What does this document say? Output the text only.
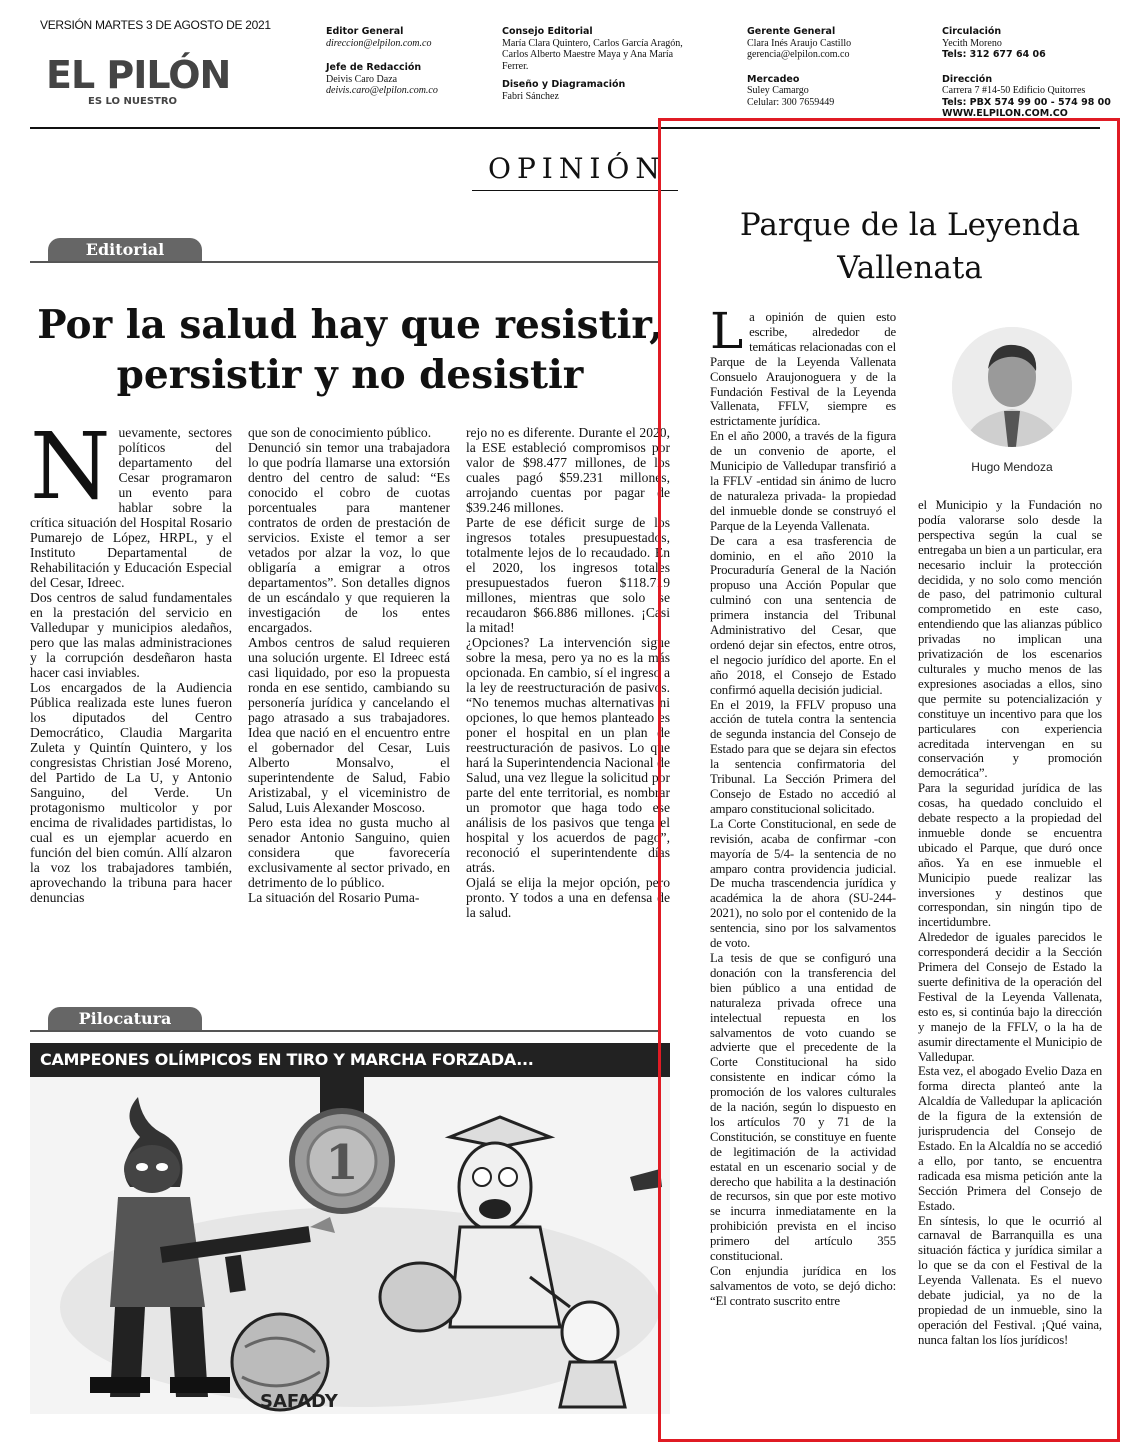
VERSIÓN MARTES 3 DE AGOSTO DE 2021
EL PILÓN
ES LO NUESTRO
Editor General
direccion@elpilon.com.co
Jefe de Redacción
Deivis Caro Daza
deivis.caro@elpilon.com.co
Consejo Editorial
María Clara Quintero, Carlos García Aragón,
Carlos Alberto Maestre Maya y Ana María
Ferrer.
Diseño y Diagramación
Fabri Sánchez
Gerente General
Clara Inés Araujo Castillo
gerencia@elpilon.com.co
Mercadeo
Suley Camargo
Celular: 300 7659449
Circulación
Yecith Moreno
Tels: 312 677 64 06
Dirección
Carrera 7 #14-50 Edificio Quitorres
Tels: PBX 574 99 00 - 574 98 00
WWW.ELPILON.COM.CO
OPINIÓN
Editorial
Por la salud hay que resistir,
persistir y no desistir
N uevamente, sectores políticos del departamento del Cesar programaron un evento para hablar sobre la crítica situación del Hospital Rosario Pumarejo de López, HRPL, y el Instituto Departamental de Rehabilitación y Educación Especial del Cesar, Idreec.

Dos centros de salud fundamentales en la prestación del servicio en Valledupar y municipios aledaños, pero que las malas administraciones y la corrupción desdeñaron hasta hacer casi inviables.

Los encargados de la Audiencia Pública realizada este lunes fueron los diputados del Centro Democrático, Claudia Margarita Zuleta y Quintín Quintero, y los congresistas Christian José Moreno, del Partido de La U, y Antonio Sanguino, del Verde. Un protagonismo multicolor y por encima de rivalidades partidistas, lo cual es un ejemplar acuerdo en función del bien común. Allí alzaron la voz los trabajadores también, aprovechando la tribuna para hacer denuncias

que son de conocimiento público.

Denunció sin temor una trabajadora lo que podría llamarse una extorsión dentro del centro de salud: “Es conocido el cobro de cuotas porcentuales para mantener contratos de orden de prestación de servicios. Existe el temor a ser vetados por alzar la voz, lo que obligaría a emigrar a otros departamentos”. Son detalles dignos de un escándalo y que requieren la investigación de los entes encargados.

Ambos centros de salud requieren una solución urgente. El Idreec está casi liquidado, por eso la propuesta ronda en ese sentido, cambiando su personería jurídica y cancelando el pago atrasado a sus trabajadores. Idea que nació en el encuentro entre el gobernador del Cesar, Luis Alberto Monsalvo, el superintendente de Salud, Fabio Aristizabal, y el viceministro de Salud, Luis Alexander Moscoso.

Pero esta idea no gusta mucho al senador Antonio Sanguino, quien considera que favorecería exclusivamente al sector privado, en detrimento de lo público.

La situación del Rosario Puma-

rejo no es diferente. Durante el 2020, la ESE estableció compromisos por valor de $98.477 millones, de los cuales pagó $59.231 millones, arrojando cuentas por pagar de $39.246 millones.

Parte de ese déficit surge de los ingresos totales presupuestados, totalmente lejos de lo recaudado. En el 2020, los ingresos totales presupuestados fueron $118.719 millones, mientras que solo se recaudaron $66.886 millones. ¡Casi la mitad!

¿Opciones? La intervención sigue sobre la mesa, pero ya no es la más opcionada. En cambio, sí el ingreso a la ley de reestructuración de pasivos. “No tenemos muchas alternativas ni opciones, lo que hemos planteado es poner el hospital en un plan de reestructuración de pasivos. Lo que hará la Superintendencia Nacional de Salud, una vez llegue la solicitud por parte del ente territorial, es nombrar un promotor que haga todo ese análisis de los pasivos que tenga el hospital y los acuerdos de pago”, reconoció el superintendente días atrás.

Ojalá se elija la mejor opción, pero pronto. Y todos a una en defensa de la salud.

Pilocatura
CAMPEONES OLÍMPICOS EN TIRO Y MARCHA FORZADA...
1
SAFADY
Parque de la Leyenda
Vallenata
Hugo Mendoza
L a opinión de quien esto escribe, alrededor de temáticas relacionadas con el Parque de la Leyenda Vallenata Consuelo Araujonoguera y de la Fundación Festival de la Leyenda Vallenata, FFLV, siempre es estrictamente jurídica.

En el año 2000, a través de la figura de un convenio de aporte, el Municipio de Valledupar transfirió a la FFLV -entidad sin ánimo de lucro de naturaleza privada- la propiedad del inmueble donde se construyó el Parque de la Leyenda Vallenata.

De cara a esa trasferencia de dominio, en el año 2010 la Procuraduría General de la Nación propuso una Acción Popular que culminó con una sentencia de primera instancia del Tribunal Administrativo del Cesar, que ordenó dejar sin efectos, entre otros, el negocio jurídico del aporte. En el año 2018, el Consejo de Estado confirmó aquella decisión judicial.

En el 2019, la FFLV propuso una acción de tutela contra la sentencia de segunda instancia del Consejo de Estado para que se dejara sin efectos la sentencia confirmatoria del Tribunal. La Sección Primera del Consejo de Estado no accedió al amparo constitucional solicitado.

La Corte Constitucional, en sede de revisión, acaba de confirmar -con mayoría de 5/4- la sentencia de no amparo contra providencia judicial. De mucha trascendencia jurídica y académica la de ahora (SU-244-2021), no solo por el contenido de la sentencia, sino por los salvamentos de voto.

La tesis de que se configuró una donación con la transferencia del bien público a una entidad de naturaleza privada ofrece una intelectual repuesta en los salvamentos de voto cuando se advierte que el precedente de la Corte Constitucional ha sido consistente en indicar cómo la promoción de los valores culturales de la nación, según lo dispuesto en los artículos 70 y 71 de la Constitución, se constituye en fuente de legitimación de la actividad estatal en un escenario social y de derecho que habilita a la destinación de recursos, sin que por este motivo se incurra inmediatamente en la prohibición prevista en el inciso primero del artículo 355 constitucional.

Con enjundia jurídica en los salvamentos de voto, se dejó dicho: “El contrato suscrito entre

el Municipio y la Fundación no podía valorarse solo desde la perspectiva según la cual se entregaba un bien a un particular, era necesario incluir la protección decidida, y no solo como mención de paso, del patrimonio cultural comprometido en este caso, entendiendo que las alianzas público privadas no implican una privatización de los escenarios culturales y mucho menos de las expresiones asociadas a ellos, sino que permite su potencialización y constituye un incentivo para que los particulares con experiencia acreditada intervengan en su conservación y promoción democrática”.

Para la seguridad jurídica de las cosas, ha quedado concluido el debate respecto a la propiedad del inmueble donde se encuentra ubicado el Parque, que duró once años. Ya en ese inmueble el Municipio puede realizar las inversiones y destinos que correspondan, sin ningún tipo de incertidumbre.

Alrededor de iguales parecidos le corresponderá decidir a la Sección Primera del Consejo de Estado la suerte definitiva de la operación del Festival de la Leyenda Vallenata, esto es, si continúa bajo la dirección y manejo de la FFLV, o la ha de asumir directamente el Municipio de Valledupar.

Esta vez, el abogado Evelio Daza en forma directa planteó ante la Alcaldía de Valledupar la aplicación de la figura de la extensión de jurisprudencia del Consejo de Estado. En la Alcaldía no se accedió a ello, por tanto, se encuentra radicada esa misma petición ante la Sección Primera del Consejo de Estado.

En síntesis, lo que le ocurrió al carnaval de Barranquilla es una situación fáctica y jurídica similar a lo que se da con el Festival de la Leyenda Vallenata. Es el nuevo debate judicial, ya no de la propiedad de un inmueble, sino la operación del Festival. ¡Qué vaina, nunca faltan los líos jurídicos!
